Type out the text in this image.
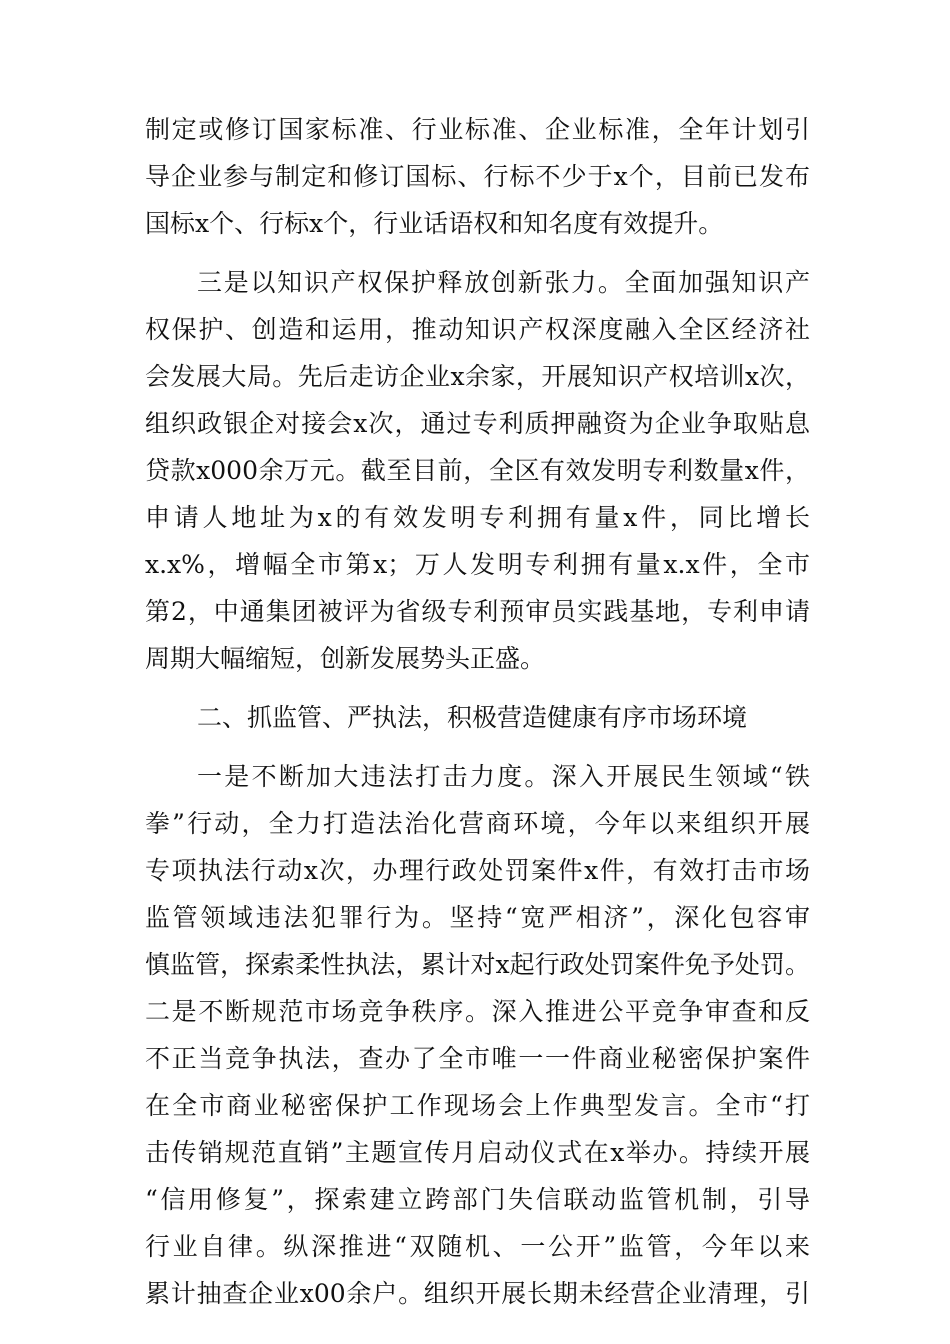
制定或修订国家标准、行业标准、企业标准，全年计划引
导企业参与制定和修订国标、行标不少于x个，目前已发布
国标x个、行标x个，行业话语权和知名度有效提升。
三是以知识产权保护释放创新张力。全面加强知识产
权保护、创造和运用，推动知识产权深度融入全区经济社
会发展大局。先后走访企业x余家，开展知识产权培训x次，
组织政银企对接会x次，通过专利质押融资为企业争取贴息
贷款x000余万元。截至目前，全区有效发明专利数量x件，
申请人地址为x的有效发明专利拥有量x件，同比增长
x.x%，增幅全市第x；万人发明专利拥有量x.x件，全市
第2，中通集团被评为省级专利预审员实践基地，专利申请
周期大幅缩短，创新发展势头正盛。
二、抓监管、严执法，积极营造健康有序市场环境
一是不断加大违法打击力度。深入开展民生领域“铁
拳”行动，全力打造法治化营商环境，今年以来组织开展
专项执法行动x次，办理行政处罚案件x件，有效打击市场
监管领域违法犯罪行为。坚持“宽严相济”，深化包容审
慎监管，探索柔性执法，累计对x起行政处罚案件免予处罚。
二是不断规范市场竞争秩序。深入推进公平竞争审查和反
不正当竞争执法，查办了全市唯一一件商业秘密保护案件
在全市商业秘密保护工作现场会上作典型发言。全市“打
击传销规范直销”主题宣传月启动仪式在x举办。持续开展
“信用修复”，探索建立跨部门失信联动监管机制，引导
行业自律。纵深推进“双随机、一公开”监管，今年以来
累计抽查企业x00余户。组织开展长期未经营企业清理，引
